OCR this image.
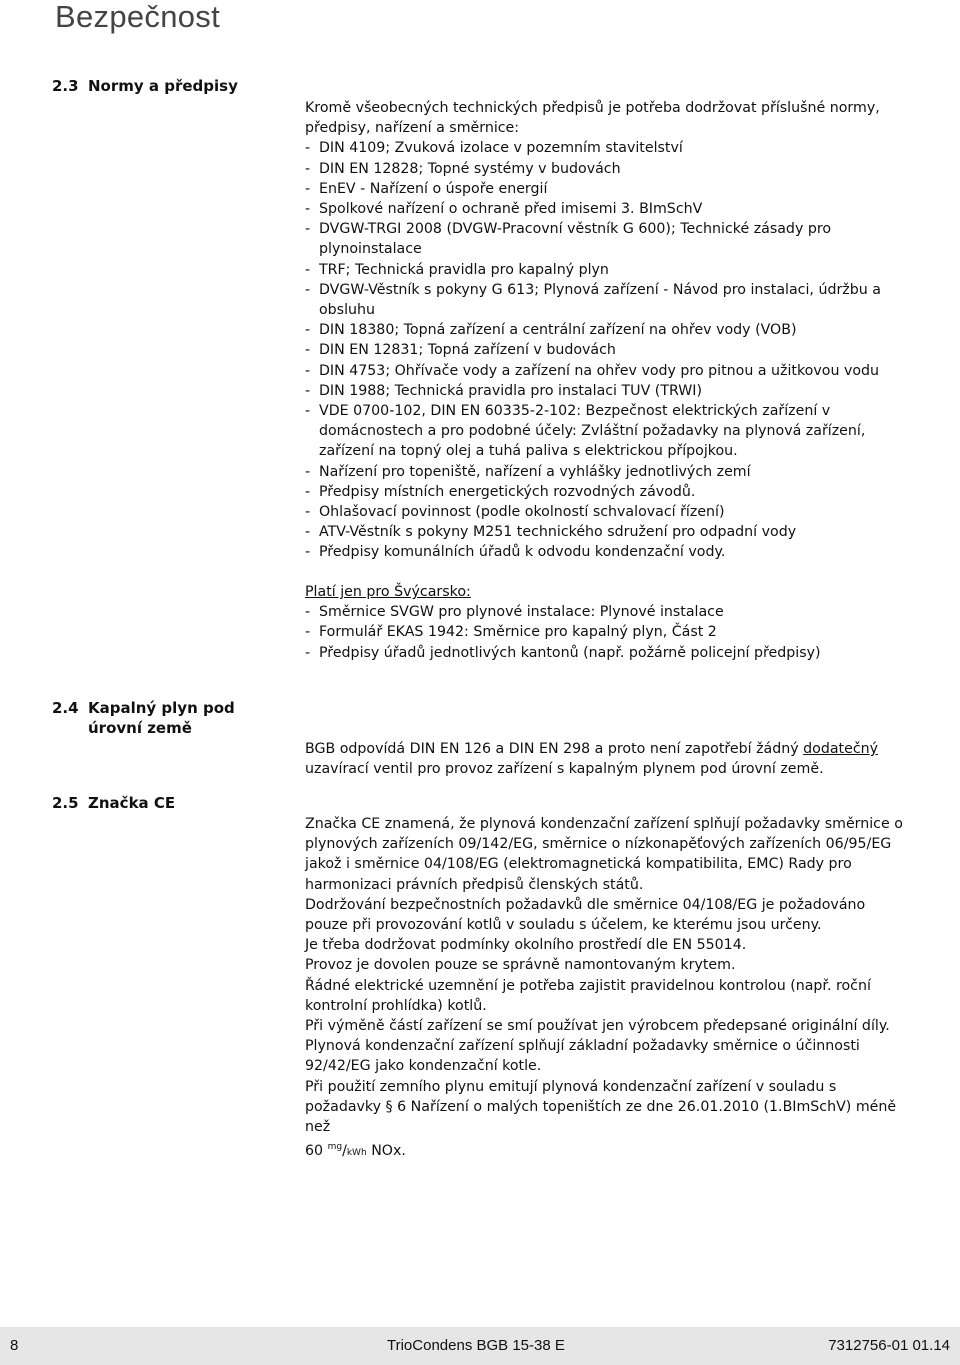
Bezpečnost
2.3 Normy a předpisy

Kromě všeobecných technických předpisů je potřeba dodržovat příslušné normy, předpisy, nařízení a směrnice:

- DIN 4109; Zvuková izolace v pozemním stavitelství
- DIN EN 12828; Topné systémy v budovách
- EnEV - Nařízení o úspoře energií
- Spolkové nařízení o ochraně před imisemi 3. BImSchV
- DVGW-TRGI 2008 (DVGW-Pracovní věstník G 600); Technické zásady pro plynoinstalace
- TRF; Technická pravidla pro kapalný plyn
- DVGW-Věstník s pokyny G 613; Plynová zařízení - Návod pro instalaci, údržbu a obsluhu
- DIN 18380; Topná zařízení a centrální zařízení na ohřev vody (VOB)
- DIN EN 12831; Topná zařízení v budovách
- DIN 4753; Ohřívače vody a zařízení na ohřev vody pro pitnou a užitkovou vodu
- DIN 1988; Technická pravidla pro instalaci TUV (TRWI)
- VDE 0700-102, DIN EN 60335-2-102: Bezpečnost elektrických zařízení v domácnostech a pro podobné účely: Zvláštní požadavky na plynová zařízení, zařízení na topný olej a tuhá paliva s elektrickou přípojkou.
- Nařízení pro topeniště, nařízení a vyhlášky jednotlivých zemí
- Předpisy místních energetických rozvodných závodů.
- Ohlašovací povinnost (podle okolností schvalovací řízení)
- ATV-Věstník s pokyny M251 technického sdružení pro odpadní vody
- Předpisy komunálních úřadů k odvodu kondenzační vody.

Platí jen pro Švýcarsko:

- Směrnice SVGW pro plynové instalace: Plynové instalace
- Formulář EKAS 1942: Směrnice pro kapalný plyn, Část 2
- Předpisy úřadů jednotlivých kantonů (např. požárně policejní předpisy)
2.4 Kapalný plyn pod úrovní země
BGB odpovídá DIN EN 126 a DIN EN 298 a proto není zapotřebí žádný dodatečný uzavírací ventil pro provoz zařízení s kapalným plynem pod úrovní země.
2.5 Značka CE

Značka CE znamená, že plynová kondenzační zařízení splňují požadavky směrnice o plynových zařízeních 09/142/EG, směrnice o nízkonapěťových zařízeních 06/95/EG jakož i směrnice 04/108/EG (elektromagnetická kompatibilita, EMC) Rady pro harmonizaci právních předpisů členských států.

Dodržování bezpečnostních požadavků dle směrnice 04/108/EG je požadováno pouze při provozování kotlů v souladu s účelem, ke kterému jsou určeny.

Je třeba dodržovat podmínky okolního prostředí dle EN 55014.

Provoz je dovolen pouze se správně namontovaným krytem.

Řádné elektrické uzemnění je potřeba zajistit pravidelnou kontrolou (např. roční kontrolní prohlídka) kotlů.

Při výměně částí zařízení se smí používat jen výrobcem předepsané originální díly.

Plynová kondenzační zařízení splňují základní požadavky směrnice o účinnosti 92/42/EG jako kondenzační kotle.

Při použití zemního plynu emitují plynová kondenzační zařízení v souladu s požadavky § 6 Nařízení o malých topeništích ze dne 26.01.2010 (1.BImSchV) méně než

60 $^{mg}$/kWh NOx.

8	TrioCondens BGB 15-38 E	7312756-01 01.14
